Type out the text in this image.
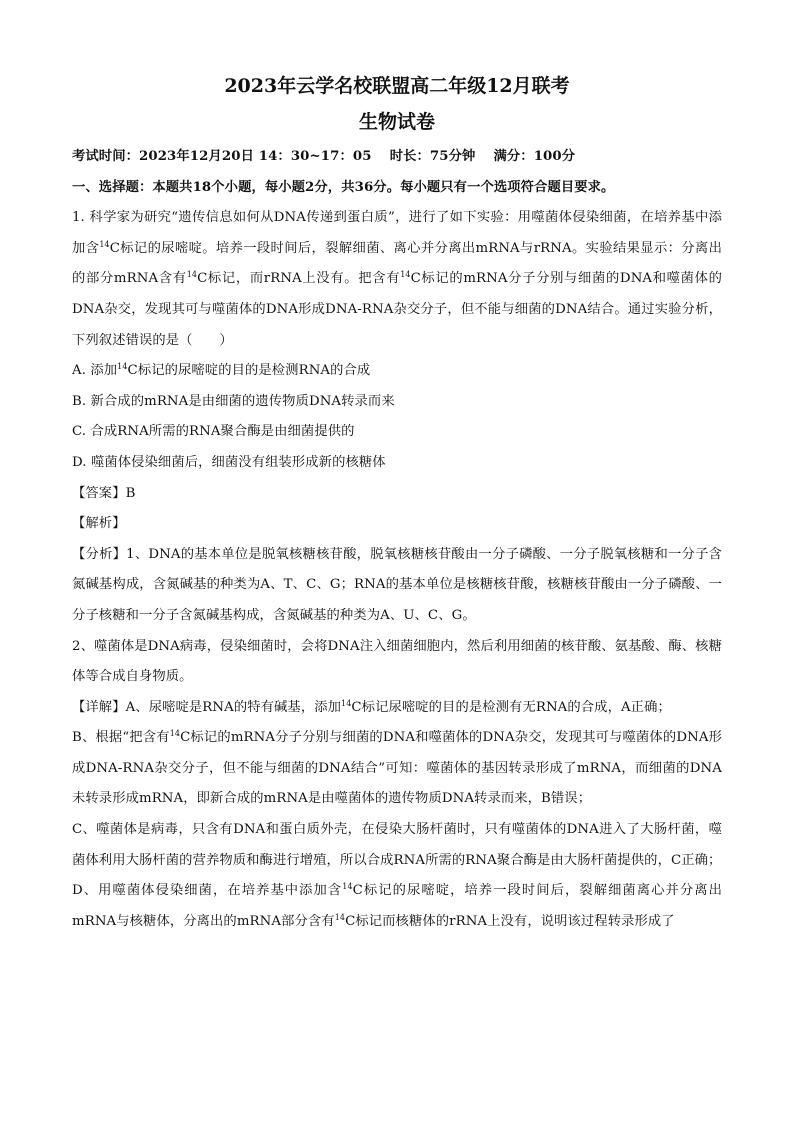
2023年云学名校联盟高二年级12月联考

生物试卷

考试时间：2023年12月20日 14：30~17：05　 时长：75分钟　 满分：100分

一、选择题：本题共18个小题，每小题2分，共36分。每小题只有一个选项符合题目要求。

1. 科学家为研究“遗传信息如何从DNA传递到蛋白质”，进行了如下实验：用噬菌体侵染细菌，在培养基中添加含$^{14}$C标记的尿嘧啶。培养一段时间后，裂解细菌、离心并分离出mRNA与rRNA。实验结果显示：分离出的部分mRNA含有$^{14}$C标记，而rRNA上没有。把含有$^{14}$C标记的mRNA分子分别与细菌的DNA和噬菌体的DNA杂交，发现其可与噬菌体的DNA形成DNA-RNA杂交分子，但不能与细菌的DNA结合。通过实验分析，下列叙述错误的是（　　）

A. 添加$^{14}$C标记的尿嘧啶的目的是检测RNA的合成

B. 新合成的mRNA是由细菌的遗传物质DNA转录而来

C. 合成RNA所需的RNA聚合酶是由细菌提供的

D. 噬菌体侵染细菌后，细菌没有组装形成新的核糖体

【答案】B

【解析】

【分析】1、DNA的基本单位是脱氧核糖核苷酸，脱氧核糖核苷酸由一分子磷酸、一分子脱氧核糖和一分子含氮碱基构成，含氮碱基的种类为A、T、C、G；RNA的基本单位是核糖核苷酸，核糖核苷酸由一分子磷酸、一分子核糖和一分子含氮碱基构成，含氮碱基的种类为A、U、C、G。

2、噬菌体是DNA病毒，侵染细菌时，会将DNA注入细菌细胞内，然后利用细菌的核苷酸、氨基酸、酶、核糖体等合成自身物质。

【详解】A、尿嘧啶是RNA的特有碱基，添加$^{14}$C标记尿嘧啶的目的是检测有无RNA的合成，A正确；

B、根据“把含有$^{14}$C标记的mRNA分子分别与细菌的DNA和噬菌体的DNA杂交，发现其可与噬菌体的DNA形成DNA-RNA杂交分子，但不能与细菌的DNA结合”可知：噬菌体的基因转录形成了mRNA，而细菌的DNA未转录形成mRNA，即新合成的mRNA是由噬菌体的遗传物质DNA转录而来，B错误；

C、噬菌体是病毒，只含有DNA和蛋白质外壳，在侵染大肠杆菌时，只有噬菌体的DNA进入了大肠杆菌，噬菌体利用大肠杆菌的营养物质和酶进行增殖，所以合成RNA所需的RNA聚合酶是由大肠杆菌提供的，C正确；

D、用噬菌体侵染细菌，在培养基中添加含$^{14}$C标记的尿嘧啶，培养一段时间后，裂解细菌离心并分离出mRNA与核糖体，分离出的mRNA部分含有$^{14}$C标记而核糖体的rRNA上没有，说明该过程转录形成了
